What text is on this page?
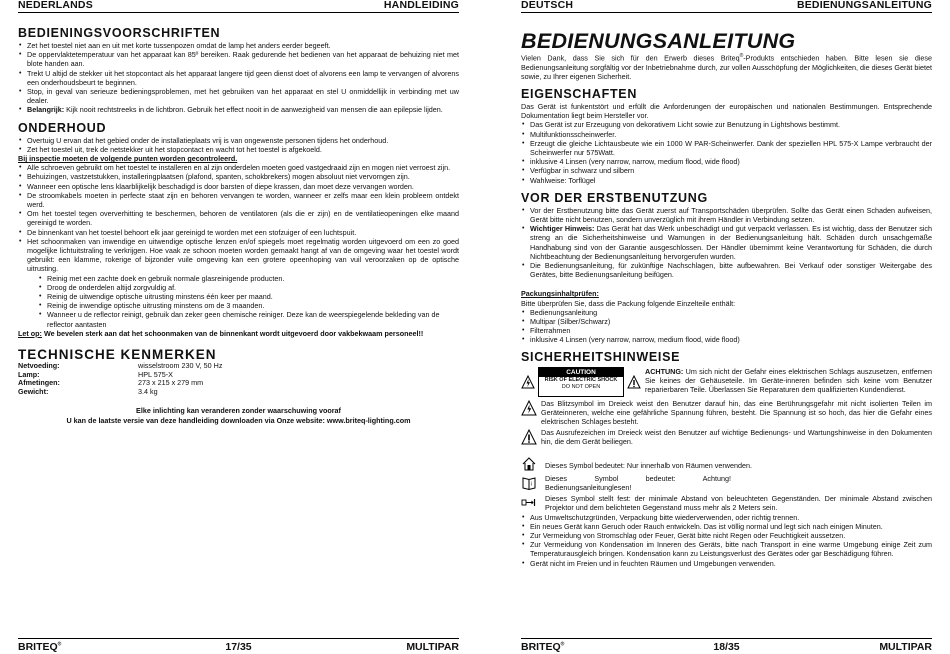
NEDERLANDS	HANDLEIDING
BEDIENINGSVOORSCHRIFTEN
• Zet het toestel niet aan en uit met korte tussenpozen omdat de lamp het anders eerder begeeft.
• De oppervlaktetemperatuur van het apparaat kan 85º bereiken. Raak gedurende het bedienen van het apparaat de behuizing niet met blote handen aan.
• Trekt U altijd de stekker uit het stopcontact als het apparaat langere tijd geen dienst doet of alvorens een lamp te vervangen of alvorens een onderhoudsbeurt te beginnen.
• Stop, in geval van serieuze bedieningsproblemen, met het gebruiken van het apparaat en stel U onmiddellijk in verbinding met uw dealer.
• Belangrijk: Kijk nooit rechtstreeks in de lichtbron. Gebruik het effect nooit in de aanwezigheid van mensen die aan epilepsie lijden.
ONDERHOUD
• Overtuig U ervan dat het gebied onder de installatieplaats vrij is van ongewenste personen tijdens het onderhoud.
• Zet het toestel uit, trek de netstekker uit het stopcontact en wacht tot het toestel is afgekoeld.
Bij inspectie moeten de volgende punten worden gecontroleerd.
• Alle schroeven gebruikt om het toestel te installeren en al zijn onderdelen moeten goed vastgedraaid zijn en mogen niet verroest zijn.
• Behuizingen, vastzetstukken, installeringplaatsen (plafond, spanten, schokbrekers) mogen absoluut niet vervorngen zijn.
• Wanneer een optische lens klaarblijkelijk beschadigd is door barsten of diepe krassen, dan moet deze vervangen worden.
• De stroomkabels moeten in perfecte staat zijn en behoren vervangen te worden, wanneer er zelfs maar een klein probleem ontdekt werd.
• Om het toestel tegen oververhitting te beschermen, behoren de ventilatoren (als die er zijn) en de ventilatieopeningen elke maand gereinigd te worden.
• De binnenkant van het toestel behoort elk jaar gereinigd te worden met een stofzuiger of een luchtspuit.
• Het schoonmaken van inwendige en uitwendige optische lenzen en/of spiegels moet regelmatig worden uitgevoerd om een zo goed mogelijke lichtuitstraling te verkrijgen. Hoe vaak ze schoon moeten worden gemaakt hangt af van de omgeving waar het toestel wordt gebruikt: een klamme, rokerige of bijzonder vuile omgeving kan een grotere opeenhoping van vuil veroorzaken op de optische uitrusting.
• Reinig met een zachte doek en gebruik normale glasreinigende producten.
• Droog de onderdelen altijd zorgvuldig af.
• Reinig de uitwendige optische uitrusting minstens één keer per maand.
• Reinig de inwendige optische uitrusting minstens om de 3 maanden.
• Wanneer u de reflector reinigt, gebruik dan zeker geen chemische reiniger. Deze kan de weerspiegelende bekleding van de reflector aantasten

Let op: We bevelen sterk aan dat het schoonmaken van de binnenkant wordt uitgevoerd door vakbekwaam personeel!!

TECHNISCHE KENMERKEN
Netvoeding:	wisselstroom 230 V, 50 Hz
Lamp:	HPL 575-X
Afmetingen:	273 x 215 x 279 mm
Gewicht:	3.4 kg
Elke inlichting kan veranderen zonder waarschuwing vooraf
U kan de laatste versie van deze handleiding downloaden via Onze website: www.briteq-lighting.com
BRITEQ®	17/35	MULTIPAR
DEUTSCH	BEDIENUNGSANLEITUNG
BEDIENUNGSANLEITUNG

Vielen Dank, dass Sie sich für den Erwerb dieses Briteq®-Produkts entschieden haben. Bitte lesen sie diese Bedienungsanleitung sorgfältig vor der Inbetriebnahme durch, zur vollen Ausschöpfung der Möglichkeiten, die dieses Gerät bietet sowie, zu Ihrer eigenen Sicherheit.

EIGENSCHAFTEN

Das Gerät ist funkentstört und erfüllt die Anforderungen der europäischen und nationalen Bestimmungen. Entsprechende Dokumentation liegt beim Hersteller vor.

• Das Gerät ist zur Erzeugung von dekorativem Licht sowie zur Benutzung in Lightshows bestimmt.
• Multifunktionsscheinwerfer.
• Erzeugt die gleiche Lichtausbeute wie ein 1000 W PAR-Scheinwerfer. Dank der speziellen HPL 575-X Lampe verbraucht der Scheinwerfer nur 575Watt.
• inklusive 4 Linsen (very narrow, narrow, medium flood, wide flood)
• Verfügbar in schwarz und silbern
• Wahlweise: Torflügel
VOR DER ERSTBENUTZUNG
• Vor der Erstbenutzung bitte das Gerät zuerst auf Transportschäden überprüfen. Sollte das Gerät einen Schaden aufweisen, Gerät bitte nicht benutzen, sondern unverzüglich mit ihrem Händler in Verbindung setzen.
• Wichtiger Hinweis: Das Gerät hat das Werk unbeschädigt und gut verpackt verlassen. Es ist wichtig, dass der Benutzer sich streng an die Sicherheitshinweise und Warnungen in der Bedienungsanleitung hält. Schäden durch unsachgemäße Handhabung sind von der Garantie ausgeschlossen. Der Händler übernimmt keine Verantwortung für Schäden, die durch Nichtbeachtung der Bedienungsanleitung hervorgerufen wurden.
• Die Bedienungsanleitung, für zukünftige Nachschlagen, bitte aufbewahren. Bei Verkauf oder sonstiger Weitergabe des Gerätes, bitte Bedienungsanleitung beifügen.
Packungsinhaltprüfen:

Bitte überprüfen Sie, dass die Packung folgende Einzelteile enthält:

• Bedienungsanleitung
• Multipar (Silber/Schwarz)
• Filterrahmen
• inklusive 4 Linsen (very narrow, narrow, medium flood, wide flood)
SICHERHEITSHINWEISE
CAUTION
RISK OF ELECTRIC SHOCK
DO NOT OPEN

ACHTUNG: Um sich nicht der Gefahr eines elektrischen Schlags auszusetzen, entfernen Sie keines der Gehäuseteile. Im Geräte-inneren befinden sich keine vom Benutzer reparierbaren Teile. Überlassen Sie Reparaturen dem qualifizierten Kundendienst.

Das Blitzsymbol im Dreieck weist den Benutzer darauf hin, das eine Berührungsgefahr mit nicht isolierten Teilen im Geräteinneren, welche eine gefährliche Spannung führen, besteht. Die Spannung ist so hoch, das hier die Gefahr eines elektrischen Schlages besteht.

Das Ausrufezeichen im Dreieck weist den Benutzer auf wichtige Bedienungs- und Wartungshinweise in den Dokumenten hin, die dem Gerät beiliegen.

Dieses Symbol bedeutet: Nur innerhalb von Räumen verwenden.

i

Dieses Symbol bedeutet: Achtung! Bedienungsanleitunglesen!

Dieses Symbol stellt fest: der minimale Abstand von beleuchteten Gegenständen. Der minimale Abstand zwischen Projektor und dem belichteten Gegenstand muss mehr als 2 Meters sein.

• Aus Umweltschutzgründen, Verpackung bitte wiederverwenden, oder richtig trennen.
• Ein neues Gerät kann Geruch oder Rauch entwickeln. Das ist völlig normal und legt sich nach einigen Minuten.
• Zur Vermeidung von Stromschlag oder Feuer, Gerät bitte nicht Regen oder Feuchtigkeit aussetzen.
• Zur Vermeidung von Kondensation im Inneren des Geräts, bitte nach Transport in eine warme Umgebung einige Zeit zum Temperaturausgleich bringen. Kondensation kann zu Leistungsverlust des Gerätes oder gar Beschädigung führen.
• Gerät nicht im Freien und in feuchten Räumen und Umgebungen verwenden.
BRITEQ®	18/35	MULTIPAR
